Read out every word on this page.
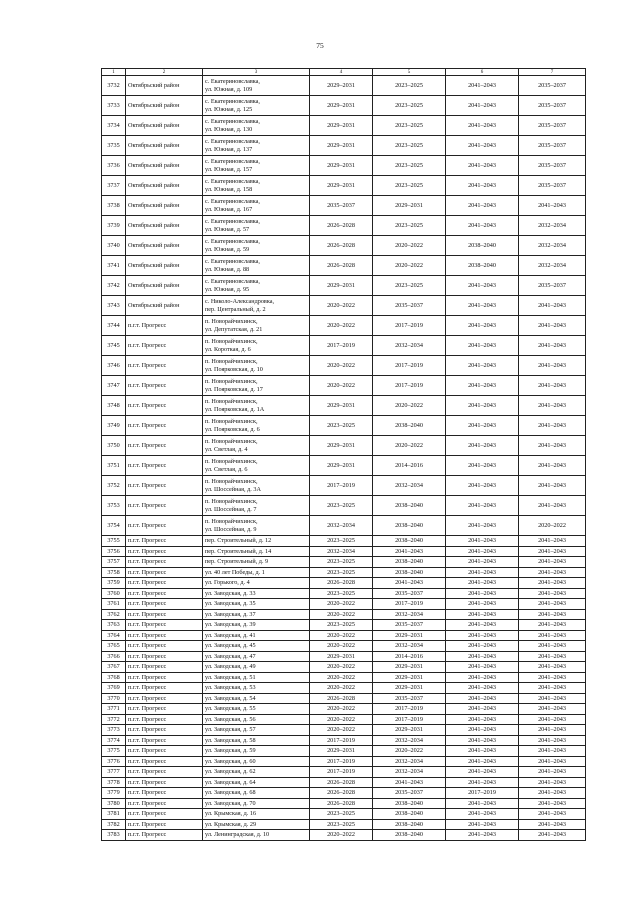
75
1	2	3	4	5	6	7
3732	Октябрьский район	с. Екатериновславка,
ул. Южная, д. 109	2029–2031	2023–2025	2041–2043	2035–2037
3733	Октябрьский район	с. Екатериновславка,
ул. Южная, д. 125	2029–2031	2023–2025	2041–2043	2035–2037
3734	Октябрьский район	с. Екатериновславка,
ул. Южная, д. 130	2029–2031	2023–2025	2041–2043	2035–2037
3735	Октябрьский район	с. Екатериновславка,
ул. Южная, д. 137	2029–2031	2023–2025	2041–2043	2035–2037
3736	Октябрьский район	с. Екатериновславка,
ул. Южная, д. 157	2029–2031	2023–2025	2041–2043	2035–2037
3737	Октябрьский район	с. Екатериновславка,
ул. Южная, д. 158	2029–2031	2023–2025	2041–2043	2035–2037
3738	Октябрьский район	с. Екатериновславка,
ул. Южная, д. 167	2035–2037	2029–2031	2041–2043	2041–2043
3739	Октябрьский район	с. Екатериновславка,
ул. Южная, д. 57	2026–2028	2023–2025	2041–2043	2032–2034
3740	Октябрьский район	с. Екатериновславка,
ул. Южная, д. 59	2026–2028	2020–2022	2038–2040	2032–2034
3741	Октябрьский район	с. Екатериновславка,
ул. Южная, д. 88	2026–2028	2020–2022	2038–2040	2032–2034
3742	Октябрьский район	с. Екатериновславка,
ул. Южная, д. 95	2029–2031	2023–2025	2041–2043	2035–2037
3743	Октябрьский район	с. Николо-Александровка,
пер. Центральный, д. 2	2020–2022	2035–2037	2041–2043	2041–2043
3744	п.г.т. Прогресс	п. Новорайчихинск,
ул. Депутатская, д. 21	2020–2022	2017–2019	2041–2043	2041–2043
3745	п.г.т. Прогресс	п. Новорайчихинск,
ул. Короткая, д. 6	2017–2019	2032–2034	2041–2043	2041–2043
3746	п.г.т. Прогресс	п. Новорайчихинск,
ул. Поярковская, д. 10	2020–2022	2017–2019	2041–2043	2041–2043
3747	п.г.т. Прогресс	п. Новорайчихинск,
ул. Поярковская, д. 17	2020–2022	2017–2019	2041–2043	2041–2043
3748	п.г.т. Прогресс	п. Новорайчихинск,
ул. Поярковская, д. 1А	2029–2031	2020–2022	2041–2043	2041–2043
3749	п.г.т. Прогресс	п. Новорайчихинск,
ул. Поярковская, д. 6	2023–2025	2038–2040	2041–2043	2041–2043
3750	п.г.т. Прогресс	п. Новорайчихинск,
ул. Светлая, д. 4	2029–2031	2020–2022	2041–2043	2041–2043
3751	п.г.т. Прогресс	п. Новорайчихинск,
ул. Светлая, д. 6	2029–2031	2014–2016	2041–2043	2041–2043
3752	п.г.т. Прогресс	п. Новорайчихинск,
ул. Шоссейная, д. 3А	2017–2019	2032–2034	2041–2043	2041–2043
3753	п.г.т. Прогресс	п. Новорайчихинск,
ул. Шоссейная, д. 7	2023–2025	2038–2040	2041–2043	2041–2043
3754	п.г.т. Прогресс	п. Новорайчихинск,
ул. Шоссейная, д. 9	2032–2034	2038–2040	2041–2043	2020–2022
3755	п.г.т. Прогресс	пер. Строительный, д. 12	2023–2025	2038–2040	2041–2043	2041–2043
3756	п.г.т. Прогресс	пер. Строительный, д. 14	2032–2034	2041–2043	2041–2043	2041–2043
3757	п.г.т. Прогресс	пер. Строительный, д. 9	2023–2025	2038–2040	2041–2043	2041–2043
3758	п.г.т. Прогресс	ул. 40 лет Победы, д. 1	2023–2025	2038–2040	2041–2043	2041–2043
3759	п.г.т. Прогресс	ул. Горького, д. 4	2026–2028	2041–2043	2041–2043	2041–2043
3760	п.г.т. Прогресс	ул. Заводская, д. 33	2023–2025	2035–2037	2041–2043	2041–2043
3761	п.г.т. Прогресс	ул. Заводская, д. 35	2020–2022	2017–2019	2041–2043	2041–2043
3762	п.г.т. Прогресс	ул. Заводская, д. 37	2020–2022	2032–2034	2041–2043	2041–2043
3763	п.г.т. Прогресс	ул. Заводская, д. 39	2023–2025	2035–2037	2041–2043	2041–2043
3764	п.г.т. Прогресс	ул. Заводская, д. 41	2020–2022	2029–2031	2041–2043	2041–2043
3765	п.г.т. Прогресс	ул. Заводская, д. 45	2020–2022	2032–2034	2041–2043	2041–2043
3766	п.г.т. Прогресс	ул. Заводская, д. 47	2029–2031	2014–2016	2041–2043	2041–2043
3767	п.г.т. Прогресс	ул. Заводская, д. 49	2020–2022	2029–2031	2041–2043	2041–2043
3768	п.г.т. Прогресс	ул. Заводская, д. 51	2020–2022	2029–2031	2041–2043	2041–2043
3769	п.г.т. Прогресс	ул. Заводская, д. 53	2020–2022	2029–2031	2041–2043	2041–2043
3770	п.г.т. Прогресс	ул. Заводская, д. 54	2026–2028	2035–2037	2041–2043	2041–2043
3771	п.г.т. Прогресс	ул. Заводская, д. 55	2020–2022	2017–2019	2041–2043	2041–2043
3772	п.г.т. Прогресс	ул. Заводская, д. 56	2020–2022	2017–2019	2041–2043	2041–2043
3773	п.г.т. Прогресс	ул. Заводская, д. 57	2020–2022	2029–2031	2041–2043	2041–2043
3774	п.г.т. Прогресс	ул. Заводская, д. 58	2017–2019	2032–2034	2041–2043	2041–2043
3775	п.г.т. Прогресс	ул. Заводская, д. 59	2029–2031	2020–2022	2041–2043	2041–2043
3776	п.г.т. Прогресс	ул. Заводская, д. 60	2017–2019	2032–2034	2041–2043	2041–2043
3777	п.г.т. Прогресс	ул. Заводская, д. 62	2017–2019	2032–2034	2041–2043	2041–2043
3778	п.г.т. Прогресс	ул. Заводская, д. 64	2026–2028	2041–2043	2041–2043	2041–2043
3779	п.г.т. Прогресс	ул. Заводская, д. 68	2026–2028	2035–2037	2017–2019	2041–2043
3780	п.г.т. Прогресс	ул. Заводская, д. 70	2026–2028	2038–2040	2041–2043	2041–2043
3781	п.г.т. Прогресс	ул. Крымская, д. 16	2023–2025	2038–2040	2041–2043	2041–2043
3782	п.г.т. Прогресс	ул. Крымская, д. 29	2023–2025	2038–2040	2041–2043	2041–2043
3783	п.г.т. Прогресс	ул. Ленинградская, д. 10	2020–2022	2038–2040	2041–2043	2041–2043
